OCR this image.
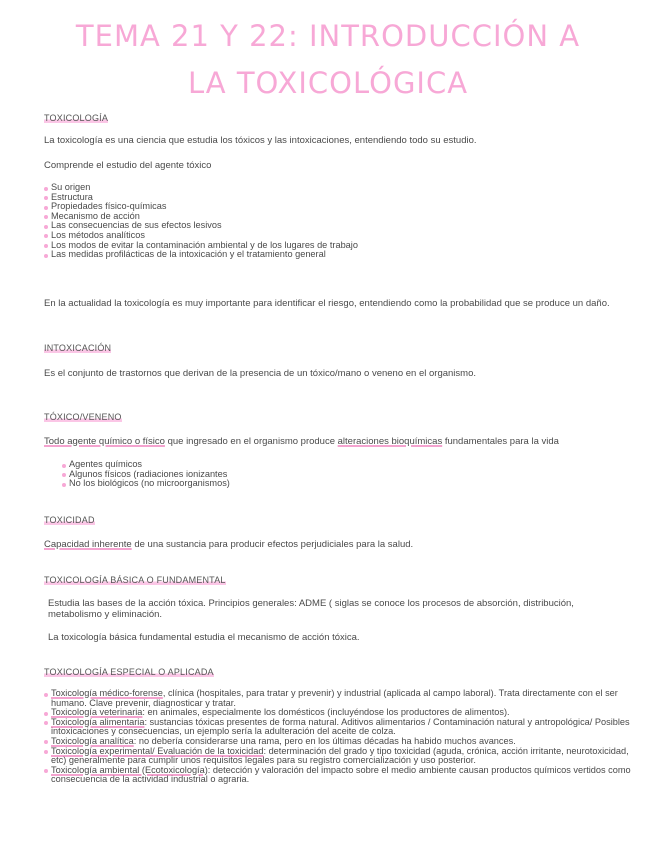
TEMA 21 Y 22: INTRODUCCIÓN A
LA TOXICOLÓGICA
TOXICOLOGÍA

La toxicología es una ciencia que estudia los tóxicos y las intoxicaciones, entendiendo todo su estudio.

Comprende el estudio del agente tóxico

Su origen
Estructura
Propiedades físico-químicas
Mecanismo de acción
Las consecuencias de sus efectos lesivos
Los métodos analíticos
Los modos de evitar la contaminación ambiental y de los lugares de trabajo
Las medidas profilácticas de la intoxicación y el tratamiento general

En la actualidad la toxicología es muy importante para identificar el riesgo, entendiendo como la probabilidad que se produce un daño.

INTOXICACIÓN

Es el conjunto de trastornos que derivan de la presencia de un tóxico/mano o veneno en el organismo.

TÓXICO/VENENO

Todo agente químico o físico que ingresado en el organismo produce alteraciones bioquímicas fundamentales para la vida

Agentes químicos
Algunos físicos (radiaciones ionizantes
No los biológicos (no microorganismos)
TOXICIDAD

Capacidad inherente de una sustancia para producir efectos perjudiciales para la salud.

TOXICOLOGÍA BÁSICA O FUNDAMENTAL

Estudia las bases de la acción tóxica. Principios generales: ADME ( siglas se conoce los procesos de absorción, distribución, metabolismo y eliminación.

La toxicología básica fundamental estudia el mecanismo de acción tóxica.

TOXICOLOGÍA ESPECIAL O APLICADA
Toxicología médico-forense, clínica (hospitales, para tratar y prevenir) y industrial (aplicada al campo laboral). Trata directamente con el ser humano. Clave prevenir, diagnosticar y tratar.
Toxicología veterinaria: en animales, especialmente los domésticos (incluyéndose los productores de alimentos).
Toxicología alimentaria: sustancias tóxicas presentes de forma natural. Aditivos alimentarios / Contaminación natural y antropológica/ Posibles intoxicaciones y consecuencias, un ejemplo sería la adulteración del aceite de colza.
Toxicología analítica: no debería considerarse una rama, pero en los últimas décadas ha habido muchos avances.
Toxicología experimental/ Evaluación de la toxicidad: determinación del grado y tipo toxicidad (aguda, crónica, acción irritante, neurotoxicidad, etc) generalmente para cumplir unos requisitos legales para su registro comercialización y uso posterior.
Toxicología ambiental (Ecotoxicología): detección y valoración del impacto sobre el medio ambiente causan productos químicos vertidos como consecuencia de la actividad industrial o agraria.
